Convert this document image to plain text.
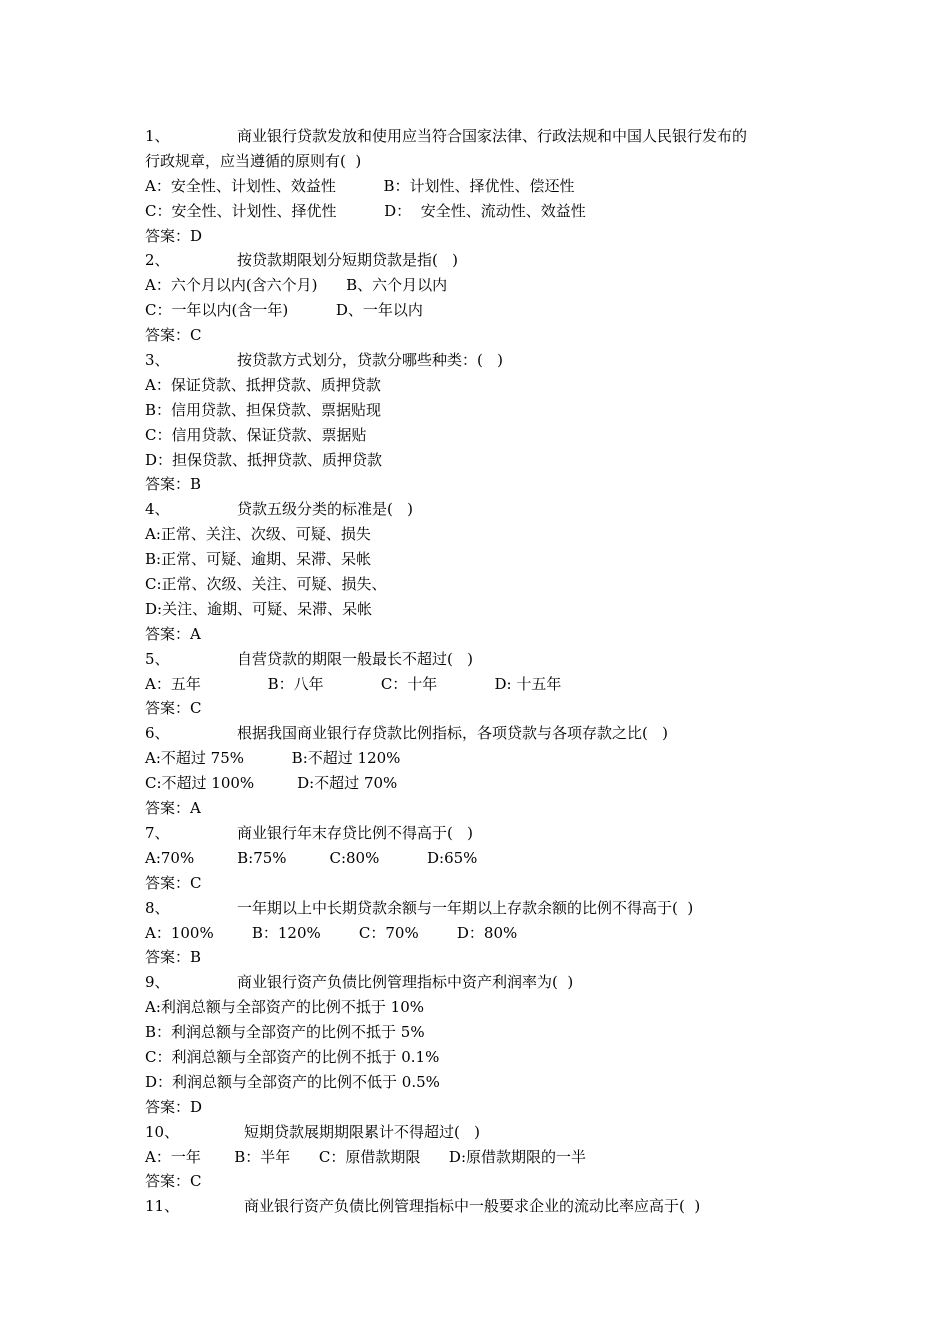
1、	商业银行贷款发放和使用应当符合国家法律、行政法规和中国人民银行发布的
行政规章，应当遵循的原则有(  )
A：安全性、计划性、效益性          B：计划性、择优性、偿还性
C：安全性、计划性、择优性          D：  安全性、流动性、效益性
答案：D
2、	按贷款期限划分短期贷款是指(   )
A：六个月以内(含六个月)      B、六个月以内
C：一年以内(含一年)          D、一年以内
答案：C
3、	按贷款方式划分，贷款分哪些种类：(   )
A：保证贷款、抵押贷款、质押贷款
B：信用贷款、担保贷款、票据贴现
C：信用贷款、保证贷款、票据贴
D：担保贷款、抵押贷款、质押贷款
答案：B
4、	贷款五级分类的标准是(   )
A:正常、关注、次级、可疑、损失
B:正常、可疑、逾期、呆滞、呆帐
C:正常、次级、关注、可疑、损失、
D:关注、逾期、可疑、呆滞、呆帐
答案：A
5、	自营贷款的期限一般最长不超过(   )
A：五年              B：八年            C：十年            D: 十五年
答案：C
6、	根据我国商业银行存贷款比例指标，各项贷款与各项存款之比(   )
A:不超过 75%          B:不超过 120%
C:不超过 100%         D:不超过 70%
答案：A
7、	商业银行年末存贷比例不得高于(   )
A:70%         B:75%         C:80%          D:65%
答案：C
8、	一年期以上中长期贷款余额与一年期以上存款余额的比例不得高于(  )
A：100%        B：120%        C：70%        D：80%
答案：B
9、	商业银行资产负债比例管理指标中资产利润率为(  )
A:利润总额与全部资产的比例不抵于 10%
B：利润总额与全部资产的比例不抵于 5%
C：利润总额与全部资产的比例不抵于 0.1%
D：利润总额与全部资产的比例不低于 0.5%
答案：D
10、	短期贷款展期期限累计不得超过(   )
A：一年       B：半年      C：原借款期限      D:原借款期限的一半
答案：C
11、	商业银行资产负债比例管理指标中一般要求企业的流动比率应高于(  )
